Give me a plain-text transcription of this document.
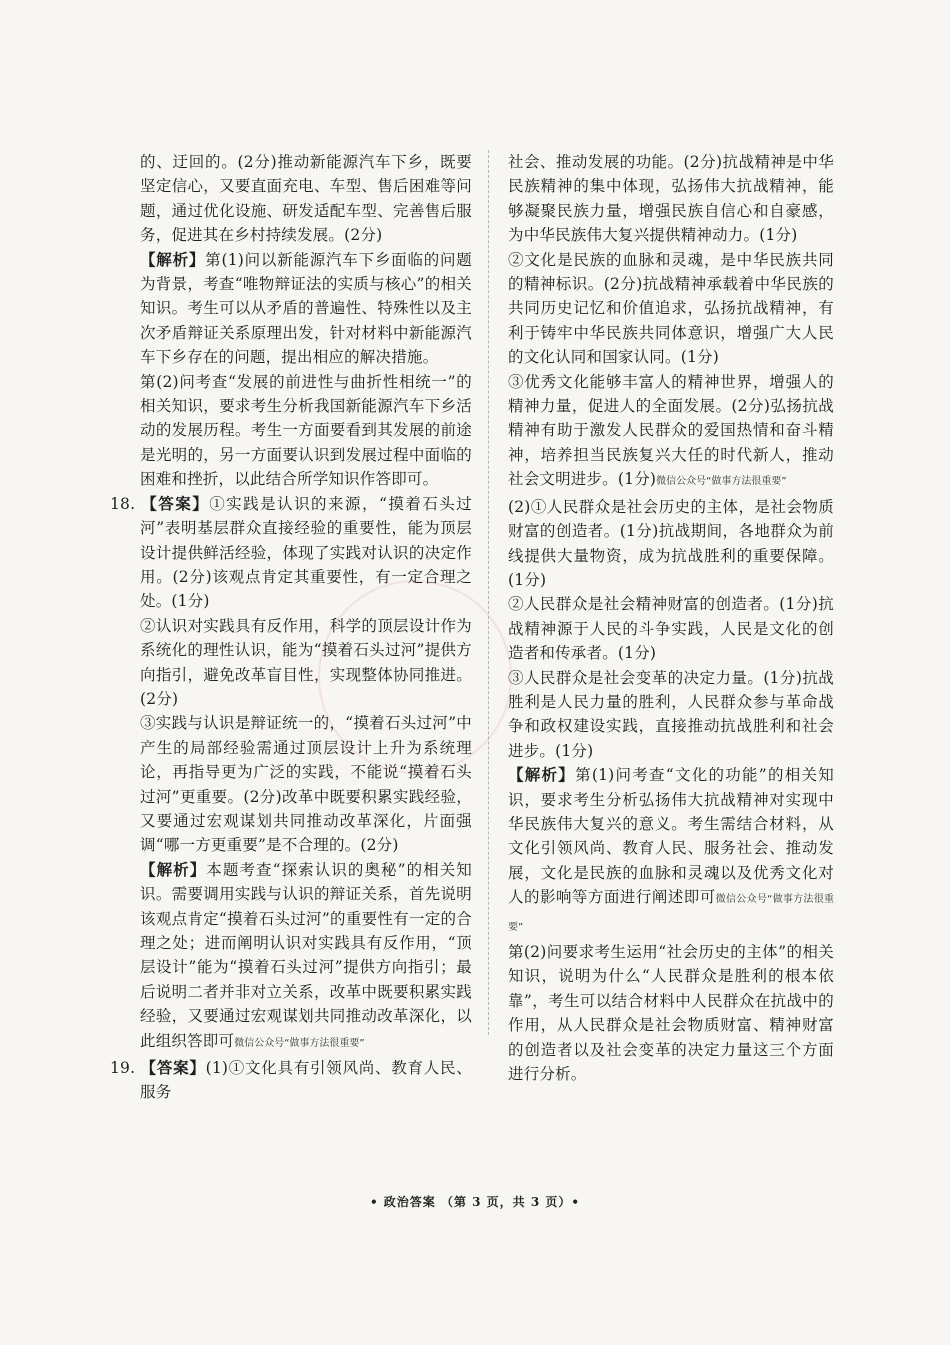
的、迂回的。(2分)推动新能源汽车下乡，既要坚定信心，又要直面充电、车型、售后困难等问题，通过优化设施、研发适配车型、完善售后服务，促进其在乡村持续发展。(2分)

【解析】第(1)问以新能源汽车下乡面临的问题为背景，考查“唯物辩证法的实质与核心”的相关知识。考生可以从矛盾的普遍性、特殊性以及主次矛盾辩证关系原理出发，针对材料中新能源汽车下乡存在的问题，提出相应的解决措施。

第(2)问考查“发展的前进性与曲折性相统一”的相关知识，要求考生分析我国新能源汽车下乡活动的发展历程。考生一方面要看到其发展的前途是光明的，另一方面要认识到发展过程中面临的困难和挫折，以此结合所学知识作答即可。

18. 【答案】①实践是认识的来源，“摸着石头过河”表明基层群众直接经验的重要性，能为顶层设计提供鲜活经验，体现了实践对认识的决定作用。(2分)该观点肯定其重要性，有一定合理之处。(1分)

②认识对实践具有反作用，科学的顶层设计作为系统化的理性认识，能为“摸着石头过河”提供方向指引，避免改革盲目性，实现整体协同推进。(2分)

③实践与认识是辩证统一的，“摸着石头过河”中产生的局部经验需通过顶层设计上升为系统理论，再指导更为广泛的实践，不能说“摸着石头过河”更重要。(2分)改革中既要积累实践经验，又要通过宏观谋划共同推动改革深化，片面强调“哪一方更重要”是不合理的。(2分)

【解析】本题考查“探索认识的奥秘”的相关知识。需要调用实践与认识的辩证关系，首先说明该观点肯定“摸着石头过河”的重要性有一定的合理之处；进而阐明认识对实践具有反作用，“顶层设计”能为“摸着石头过河”提供方向指引；最后说明二者并非对立关系，改革中既要积累实践经验，又要通过宏观谋划共同推动改革深化，以此组织答即可微信公众号“做事方法很重要”

19. 【答案】(1)①文化具有引领风尚、教育人民、服务

社会、推动发展的功能。(2分)抗战精神是中华民族精神的集中体现，弘扬伟大抗战精神，能够凝聚民族力量，增强民族自信心和自豪感，为中华民族伟大复兴提供精神动力。(1分)

②文化是民族的血脉和灵魂，是中华民族共同的精神标识。(2分)抗战精神承载着中华民族的共同历史记忆和价值追求，弘扬抗战精神，有利于铸牢中华民族共同体意识，增强广大人民的文化认同和国家认同。(1分)

③优秀文化能够丰富人的精神世界，增强人的精神力量，促进人的全面发展。(2分)弘扬抗战精神有助于激发人民群众的爱国热情和奋斗精神，培养担当民族复兴大任的时代新人，推动社会文明进步。(1分)微信公众号“做事方法很重要”

(2)①人民群众是社会历史的主体，是社会物质财富的创造者。(1分)抗战期间，各地群众为前线提供大量物资，成为抗战胜利的重要保障。(1分)

②人民群众是社会精神财富的创造者。(1分)抗战精神源于人民的斗争实践，人民是文化的创造者和传承者。(1分)

③人民群众是社会变革的决定力量。(1分)抗战胜利是人民力量的胜利，人民群众参与革命战争和政权建设实践，直接推动抗战胜利和社会进步。(1分)

【解析】第(1)问考查“文化的功能”的相关知识，要求考生分析弘扬伟大抗战精神对实现中华民族伟大复兴的意义。考生需结合材料，从文化引领风尚、教育人民、服务社会、推动发展，文化是民族的血脉和灵魂以及优秀文化对人的影响等方面进行阐述即可微信公众号“做事方法很重要”

第(2)问要求考生运用“社会历史的主体”的相关知识，说明为什么“人民群众是胜利的根本依靠”，考生可以结合材料中人民群众在抗战中的作用，从人民群众是社会物质财富、精神财富的创造者以及社会变革的决定力量这三个方面进行分析。

• 政治答案 （第 3 页，共 3 页）•
